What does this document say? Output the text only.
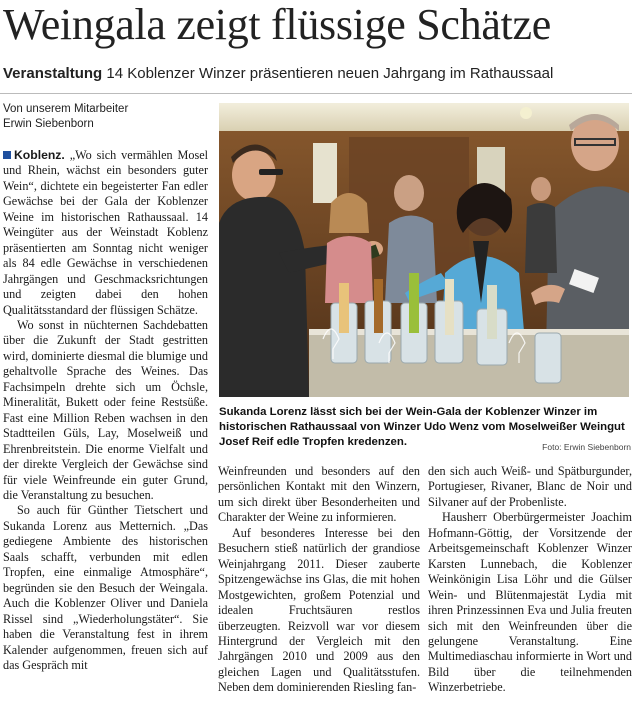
Weingala zeigt flüssige Schätze
Veranstaltung 14 Koblenzer Winzer präsentieren neuen Jahrgang im Rathaussaal
Von unserem Mitarbeiter
Erwin Siebenborn

Koblenz. „Wo sich vermählen Mosel und Rhein, wächst ein besonders guter Wein“, dichtete ein begeisterter Fan edler Gewächse bei der Gala der Koblenzer Weine im historischen Rathaussaal. 14 Weingüter aus der Weinstadt Koblenz präsentierten am Sonntag nicht weniger als 84 edle Gewächse in verschiedenen Jahrgängen und Geschmacksrichtungen und zeigten dabei den hohen Qualitätsstandard der flüssigen Schätze.

Wo sonst in nüchternen Sachdebatten über die Zukunft der Stadt gestritten wird, dominierte diesmal die blumige und gehaltvolle Sprache des Weines. Das Fachsimpeln drehte sich um Öchsle, Mineralität, Bukett oder feine Restsüße. Fast eine Million Reben wachsen in den Stadtteilen Güls, Lay, Moselweiß und Ehrenbreitstein. Die enorme Vielfalt und der direkte Vergleich der Gewächse sind für viele Weinfreunde ein guter Grund, die Veranstaltung zu besuchen.

So auch für Günther Tietschert und Sukanda Lorenz aus Metternich. „Das gediegene Ambiente des historischen Saals schafft, verbunden mit edlen Tropfen, eine einmalige Atmosphäre“, begründen sie den Besuch der Weingala. Auch die Koblenzer Oliver und Daniela Rissel sind „Wiederholungstäter“. Sie haben die Veranstaltung fest in ihrem Kalender aufgenommen, freuen sich auf das Gespräch mit

Sukanda Lorenz lässt sich bei der Wein-Gala der Koblenzer Winzer im historischen Rathaussaal von Winzer Udo Wenz vom Moselweißer Weingut Josef Reif edle Tropfen kredenzen.	Foto: Erwin Siebenborn

Weinfreunden und besonders auf den persönlichen Kontakt mit den Winzern, um sich direkt über Besonderheiten und Charakter der Weine zu informieren.

Auf besonderes Interesse bei den Besuchern stieß natürlich der grandiose Weinjahrgang 2011. Dieser zauberte Spitzengewächse ins Glas, die mit hohen Mostgewichten, großem Potenzial und idealen Fruchtsäuren restlos überzeugten. Reizvoll war vor diesem Hintergrund der Vergleich mit den Jahrgängen 2010 und 2009 aus den gleichen Lagen und Qualitätsstufen. Neben dem dominierenden Riesling fan-

den sich auch Weiß- und Spätburgunder, Portugieser, Rivaner, Blanc de Noir und Silvaner auf der Probenliste.

Hausherr Oberbürgermeister Joachim Hofmann-Göttig, der Vorsitzende der Arbeitsgemeinschaft Koblenzer Winzer Karsten Lunnebach, die Koblenzer Weinkönigin Lisa Löhr und die Gülser Wein- und Blütenmajestät Lydia mit ihren Prinzessinnen Eva und Julia freuten sich mit den Weinfreunden über die gelungene Veranstaltung. Eine Multimediaschau informierte in Wort und Bild über die teilnehmenden Winzerbetriebe.
